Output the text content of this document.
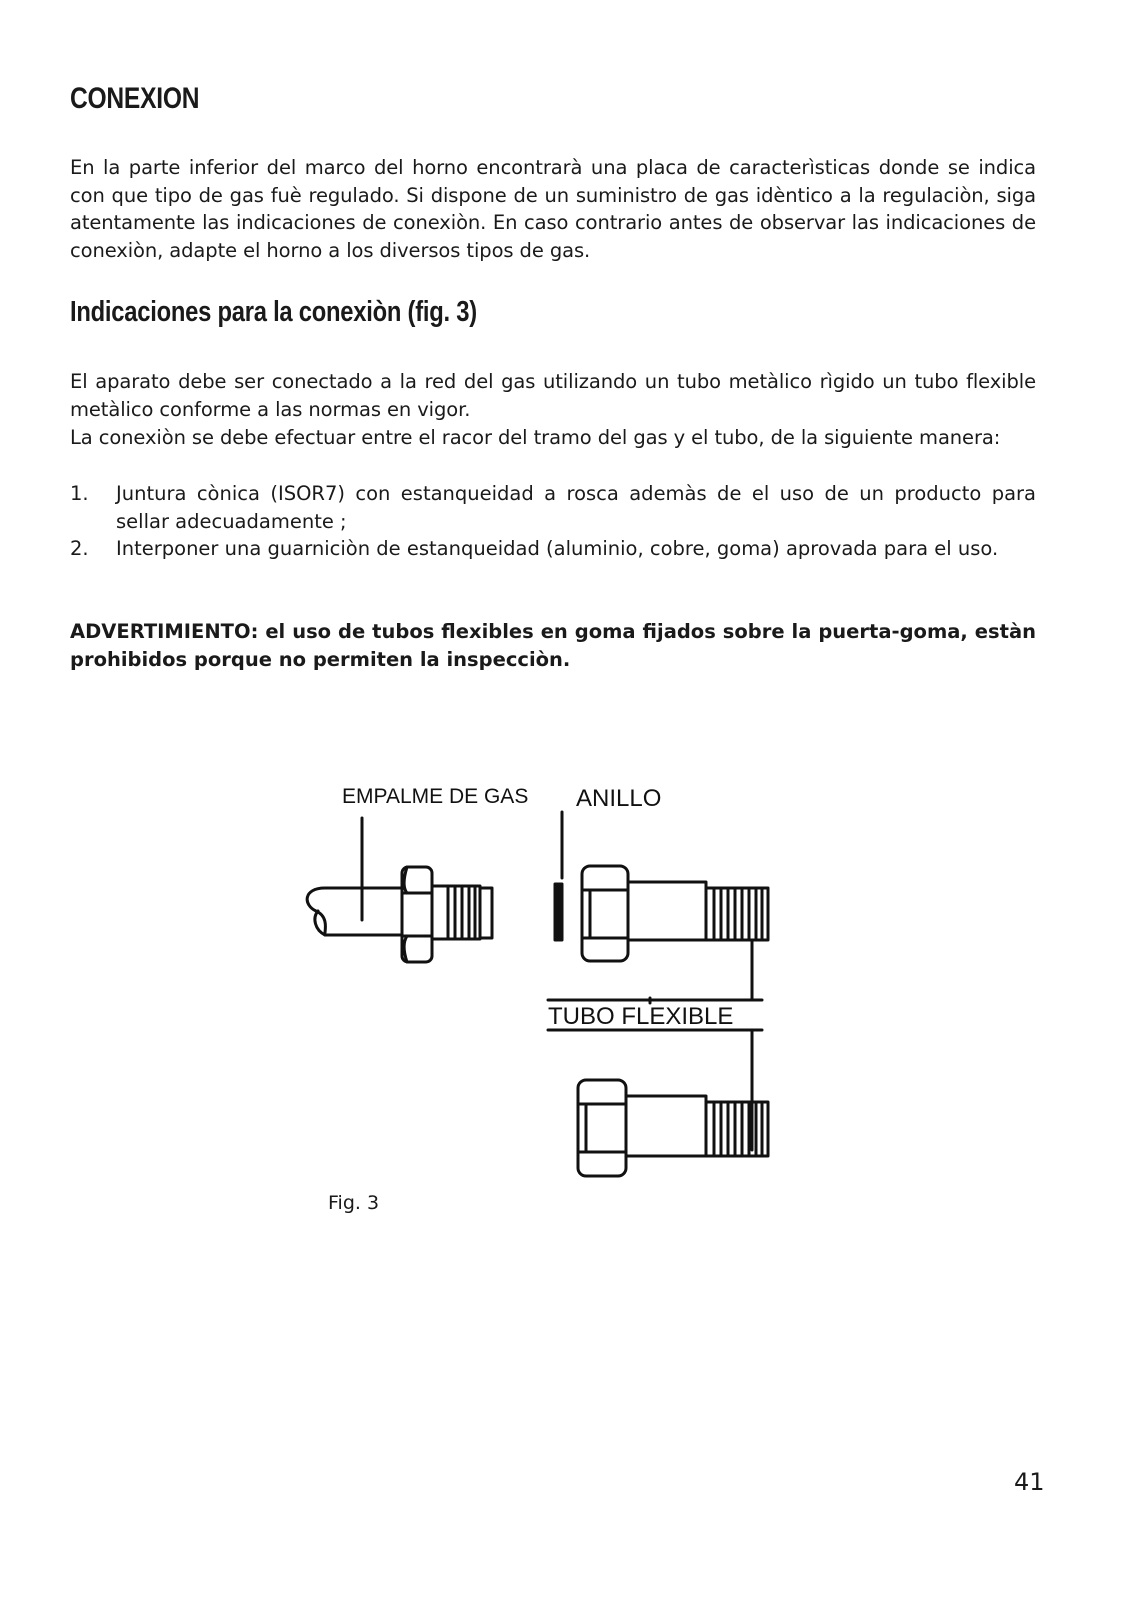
CONEXION
En la parte inferior del marco del horno encontrarà una placa de caracterìsticas donde se indica con que tipo de gas fuè regulado. Si dispone de un suministro de gas idèntico a la regulaciòn, siga atentamente las indicaciones de conexiòn. En caso contrario antes de observar las indicaciones de conexiòn, adapte el horno a los diversos tipos de gas.
Indicaciones para la conexiòn (fig. 3)
El aparato debe ser conectado a la red del gas utilizando un tubo metàlico rìgido un tubo flexible metàlico conforme a las normas en vigor.
La conexiòn se debe efectuar entre el racor del tramo del gas y el tubo, de la siguiente manera:
1. Juntura cònica (ISOR7) con estanqueidad a rosca ademàs de el uso de un producto para sellar adecuadamente ;
2. Interponer una guarniciòn de estanqueidad (aluminio, cobre, goma) aprovada para el uso.
ADVERTIMIENTO: el uso de tubos flexibles en goma fijados sobre la puerta-goma, estàn prohibidos porque no permiten la inspecciòn.
EMPALME DE GAS ANILLO
TUBO FLEXIBLE
Fig. 3
41
